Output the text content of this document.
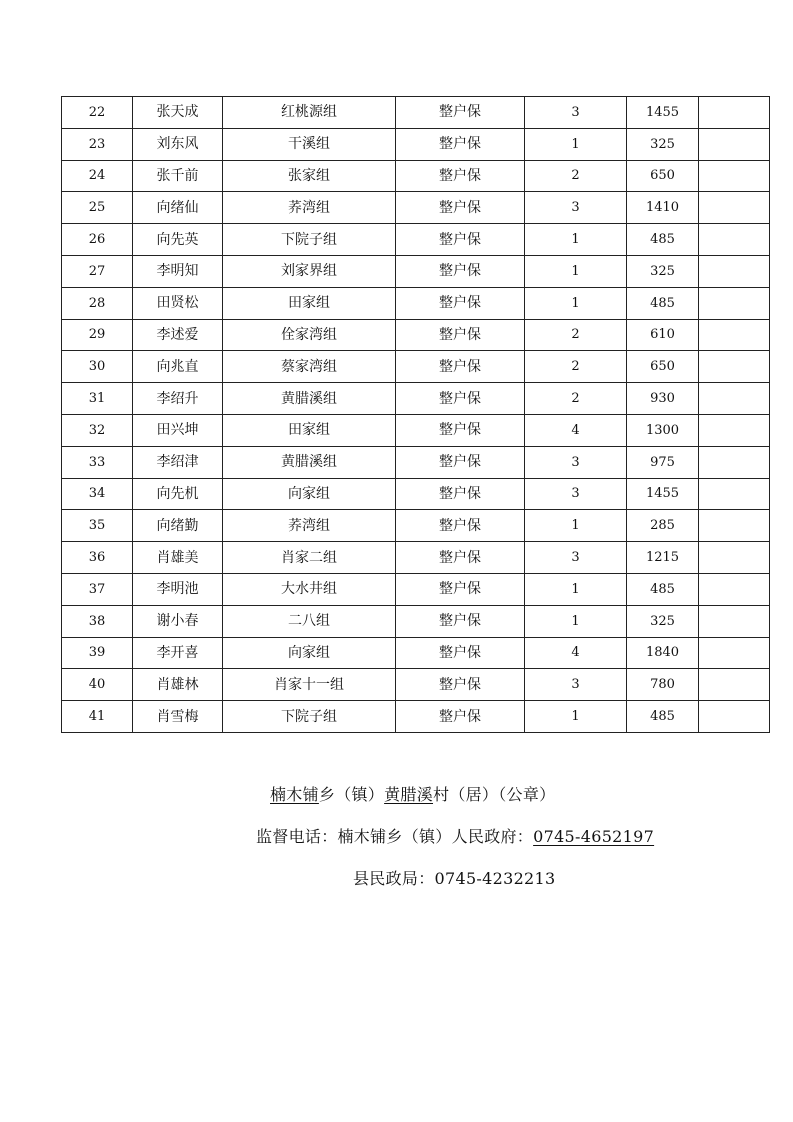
22	张天成	红桃源组	整户保	3	1455	
23	刘东风	干溪组	整户保	1	325	
24	张千前	张家组	整户保	2	650	
25	向绪仙	荞湾组	整户保	3	1410	
26	向先英	下院子组	整户保	1	485	
27	李明知	刘家界组	整户保	1	325	
28	田贤松	田家组	整户保	1	485	
29	李述爱	佺家湾组	整户保	2	610	
30	向兆直	蔡家湾组	整户保	2	650	
31	李绍升	黄腊溪组	整户保	2	930	
32	田兴坤	田家组	整户保	4	1300	
33	李绍津	黄腊溪组	整户保	3	975	
34	向先机	向家组	整户保	3	1455	
35	向绪勤	荞湾组	整户保	1	285	
36	肖雄美	肖家二组	整户保	3	1215	
37	李明池	大水井组	整户保	1	485	
38	谢小春	二八组	整户保	1	325	
39	李开喜	向家组	整户保	4	1840	
40	肖雄林	肖家十一组	整户保	3	780	
41	肖雪梅	下院子组	整户保	1	485	
楠木铺乡（镇）黄腊溪村（居）（公章）
监督电话：楠木铺乡（镇）人民政府：0745-4652197
县民政局：0745-4232213
